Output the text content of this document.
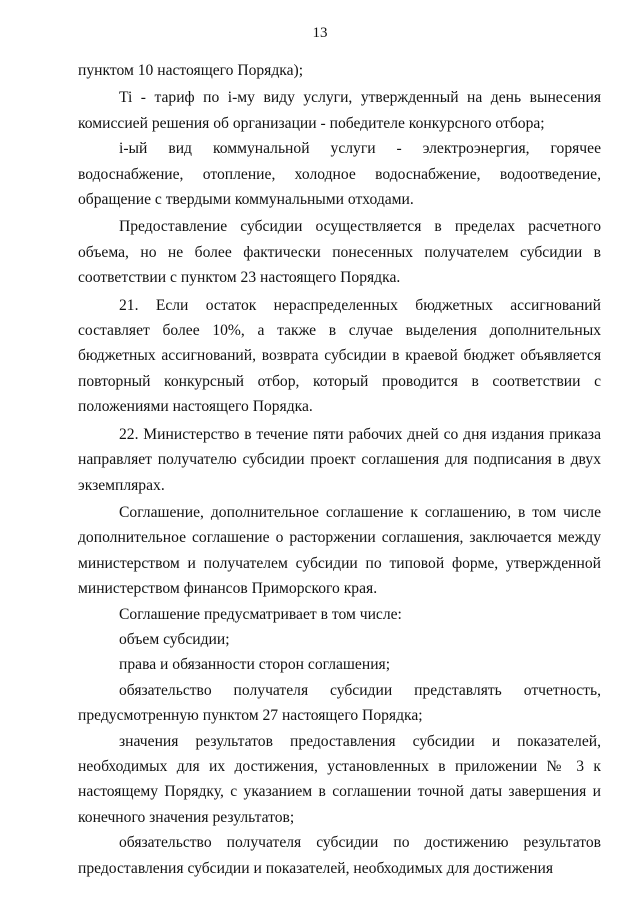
13

пунктом 10 настоящего Порядка);

Ti - тариф по i-му виду услуги, утвержденный на день вынесения комиссией решения об организации - победителе конкурсного отбора;

i-ый вид коммунальной услуги - электроэнергия, горячее водоснабжение, отопление, холодное водоснабжение, водоотведение, обращение с твердыми коммунальными отходами.

Предоставление субсидии осуществляется в пределах расчетного объема, но не более фактически понесенных получателем субсидии в соответствии с пунктом 23 настоящего Порядка.

21. Если остаток нераспределенных бюджетных ассигнований составляет более 10%, а также в случае выделения дополнительных бюджетных ассигнований, возврата субсидии в краевой бюджет объявляется повторный конкурсный отбор, который проводится в соответствии с положениями настоящего Порядка.

22. Министерство в течение пяти рабочих дней со дня издания приказа направляет получателю субсидии проект соглашения для подписания в двух экземплярах.

Соглашение, дополнительное соглашение к соглашению, в том числе дополнительное соглашение о расторжении соглашения, заключается между министерством и получателем субсидии по типовой форме, утвержденной министерством финансов Приморского края.

Соглашение предусматривает в том числе:

объем субсидии;

права и обязанности сторон соглашения;

обязательство получателя субсидии представлять отчетность, предусмотренную пунктом 27 настоящего Порядка;

значения результатов предоставления субсидии и показателей, необходимых для их достижения, установленных в приложении № 3 к настоящему Порядку, с указанием в соглашении точной даты завершения и конечного значения результатов;

обязательство получателя субсидии по достижению результатов предоставления субсидии и показателей, необходимых для достижения
